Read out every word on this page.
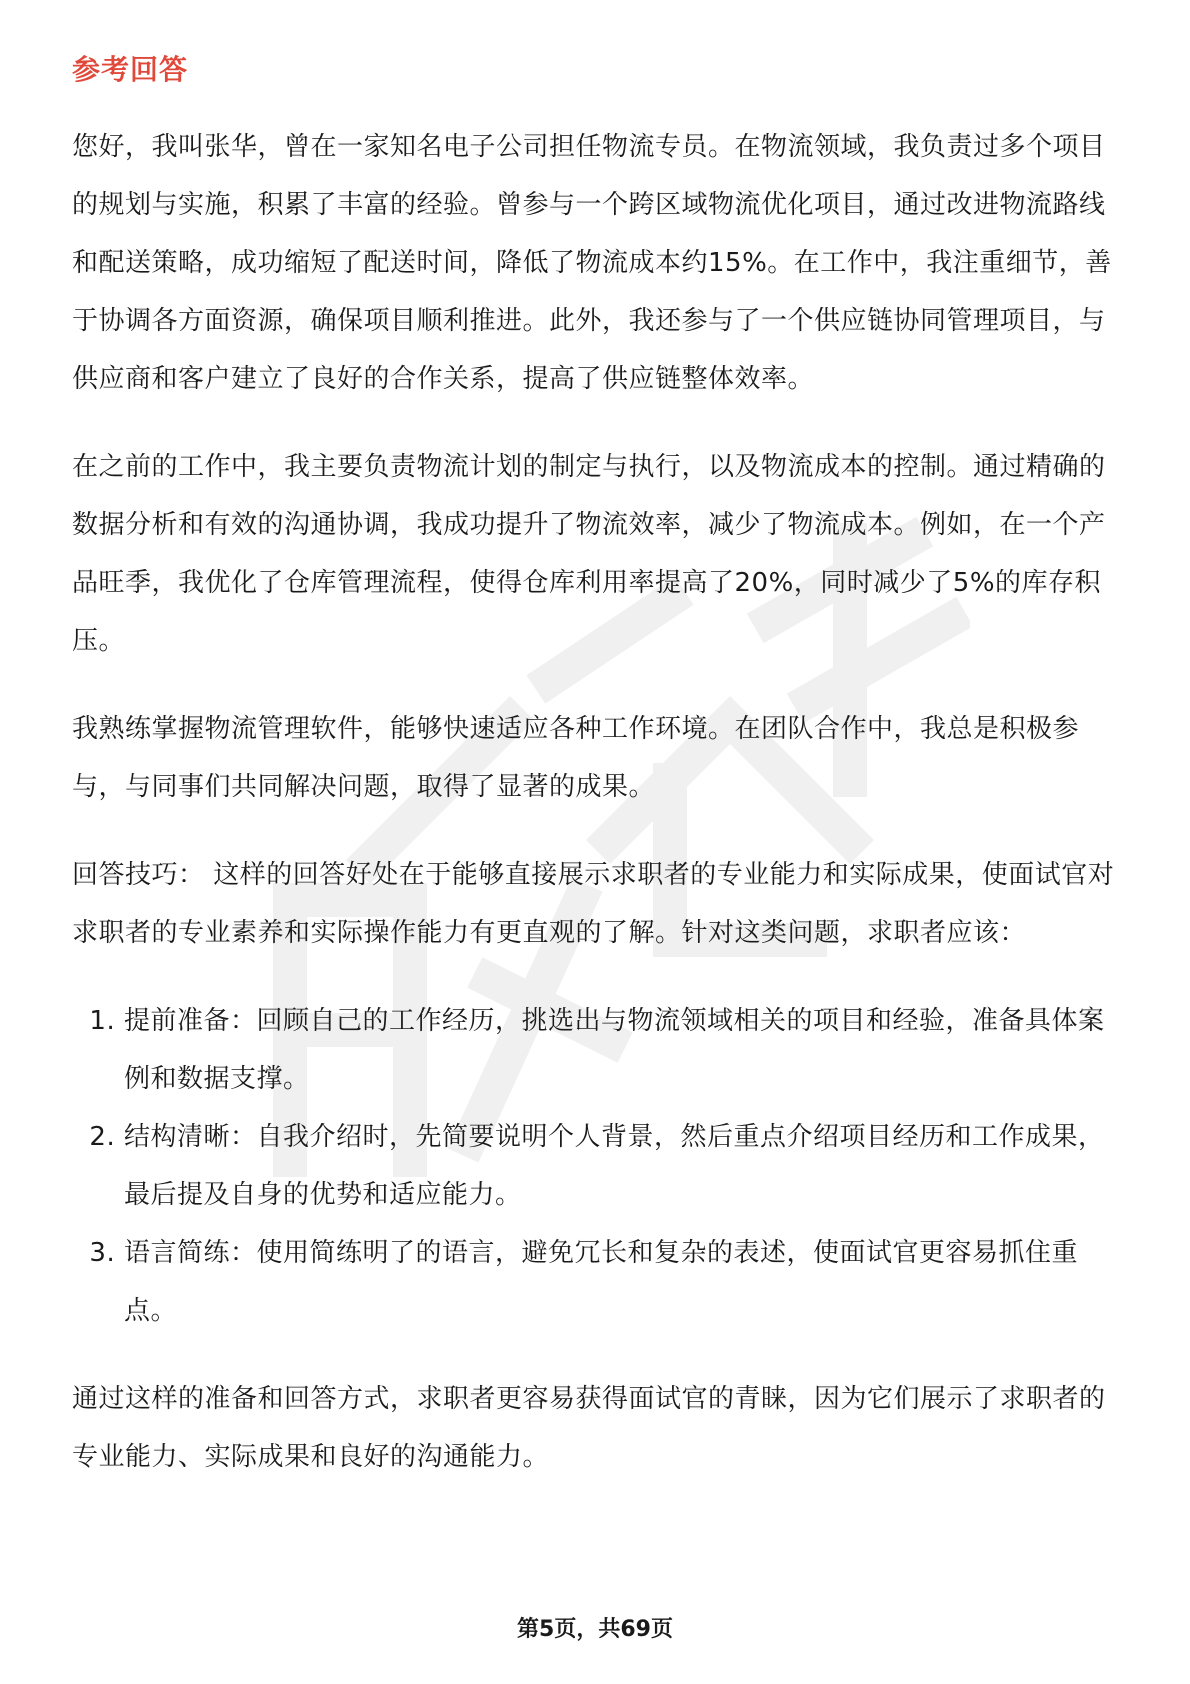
参考回答

您好，我叫张华，曾在一家知名电子公司担任物流专员。在物流领域，我负责过多个项目的规划与实施，积累了丰富的经验。曾参与一个跨区域物流优化项目，通过改进物流路线和配送策略，成功缩短了配送时间，降低了物流成本约15%。在工作中，我注重细节，善于协调各方面资源，确保项目顺利推进。此外，我还参与了一个供应链协同管理项目，与供应商和客户建立了良好的合作关系，提高了供应链整体效率。

在之前的工作中，我主要负责物流计划的制定与执行，以及物流成本的控制。通过精确的数据分析和有效的沟通协调，我成功提升了物流效率，减少了物流成本。例如，在一个产品旺季，我优化了仓库管理流程，使得仓库利用率提高了20%，同时减少了5%的库存积压。

我熟练掌握物流管理软件，能够快速适应各种工作环境。在团队合作中，我总是积极参与，与同事们共同解决问题，取得了显著的成果。

回答技巧： 这样的回答好处在于能够直接展示求职者的专业能力和实际成果，使面试官对求职者的专业素养和实际操作能力有更直观的了解。针对这类问题，求职者应该：

1. 提前准备：回顾自己的工作经历，挑选出与物流领域相关的项目和经验，准备具体案例和数据支撑。
2. 结构清晰：自我介绍时，先简要说明个人背景，然后重点介绍项目经历和工作成果，最后提及自身的优势和适应能力。
3. 语言简练：使用简练明了的语言，避免冗长和复杂的表述，使面试官更容易抓住重点。

通过这样的准备和回答方式，求职者更容易获得面试官的青睐，因为它们展示了求职者的专业能力、实际成果和良好的沟通能力。

第5页，共69页
